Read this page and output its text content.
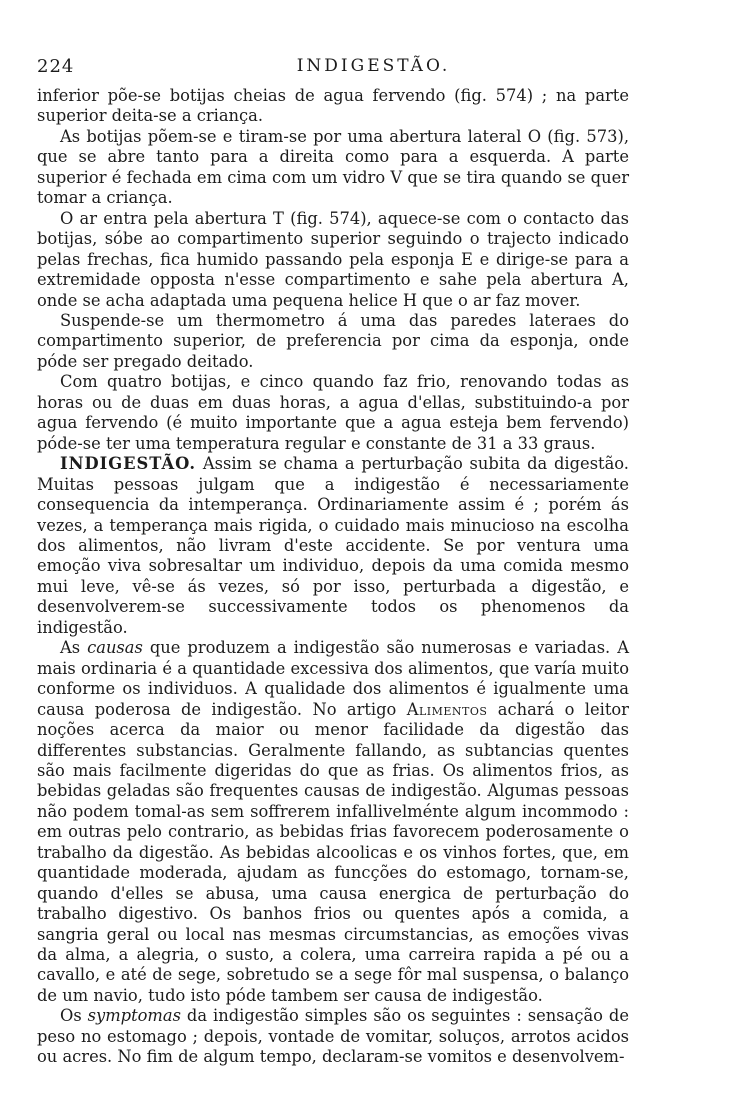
224	INDIGESTÃO.

inferior põe-se botijas cheias de agua fervendo (fig. 574) ; na parte superior deita-se a criança.

As botijas põem-se e tiram-se por uma abertura lateral O (fig. 573), que se abre tanto para a direita como para a esquerda. A parte superior é fechada em cima com um vidro V que se tira quando se quer tomar a criança.

O ar entra pela abertura T (fig. 574), aquece-se com o contacto das botijas, sóbe ao compartimento superior seguindo o trajecto indicado pelas frechas, fica humido passando pela esponja E e dirige-se para a extremidade opposta n'esse compartimento e sahe pela abertura A, onde se acha adaptada uma pequena helice H que o ar faz mover.

Suspende-se um thermometro á uma das paredes lateraes do compartimento superior, de preferencia por cima da esponja, onde póde ser pregado deitado.

Com quatro botijas, e cinco quando faz frio, renovando todas as horas ou de duas em duas horas, a agua d'ellas, substituindo-a por agua fervendo (é muito importante que a agua esteja bem fervendo) póde-se ter uma temperatura regular e constante de 31 a 33 graus.

INDIGESTÃO. Assim se chama a perturbação subita da digestão. Muitas pessoas julgam que a indigestão é necessariamente consequencia da intemperança. Ordinariamente assim é ; porém ás vezes, a temperança mais rigida, o cuidado mais minucioso na escolha dos alimentos, não livram d'este accidente. Se por ventura uma emoção viva sobresaltar um individuo, depois da uma comida mesmo mui leve, vê-se ás vezes, só por isso, perturbada a digestão, e desenvolverem-se successivamente todos os phenomenos da indigestão.

As causas que produzem a indigestão são numerosas e variadas. A mais ordinaria é a quantidade excessiva dos alimentos, que varía muito conforme os individuos. A qualidade dos alimentos é igualmente uma causa poderosa de indigestão. No artigo Alimentos achará o leitor noções acerca da maior ou menor facilidade da digestão das differentes substancias. Geralmente fallando, as subtancias quentes são mais facilmente digeridas do que as frias. Os alimentos frios, as bebidas geladas são frequentes causas de indigestão. Algumas pessoas não podem tomal-as sem soffrerem infallivelménte algum incommodo : em outras pelo contrario, as bebidas frias favorecem poderosamente o trabalho da digestão. As bebidas alcoolicas e os vinhos fortes, que, em quantidade moderada, ajudam as funcções do estomago, tornam-se, quando d'elles se abusa, uma causa energica de perturbação do trabalho digestivo. Os banhos frios ou quentes após a comida, a sangria geral ou local nas mesmas circumstancias, as emoções vivas da alma, a alegria, o susto, a colera, uma carreira rapida a pé ou a cavallo, e até de sege, sobretudo se a sege fôr mal suspensa, o balanço de um navio, tudo isto póde tambem ser causa de indigestão.

Os symptomas da indigestão simples são os seguintes : sensação de peso no estomago ; depois, vontade de vomitar, soluços, arrotos acidos ou acres. No fim de algum tempo, declaram-se vomitos e desenvolvem-
